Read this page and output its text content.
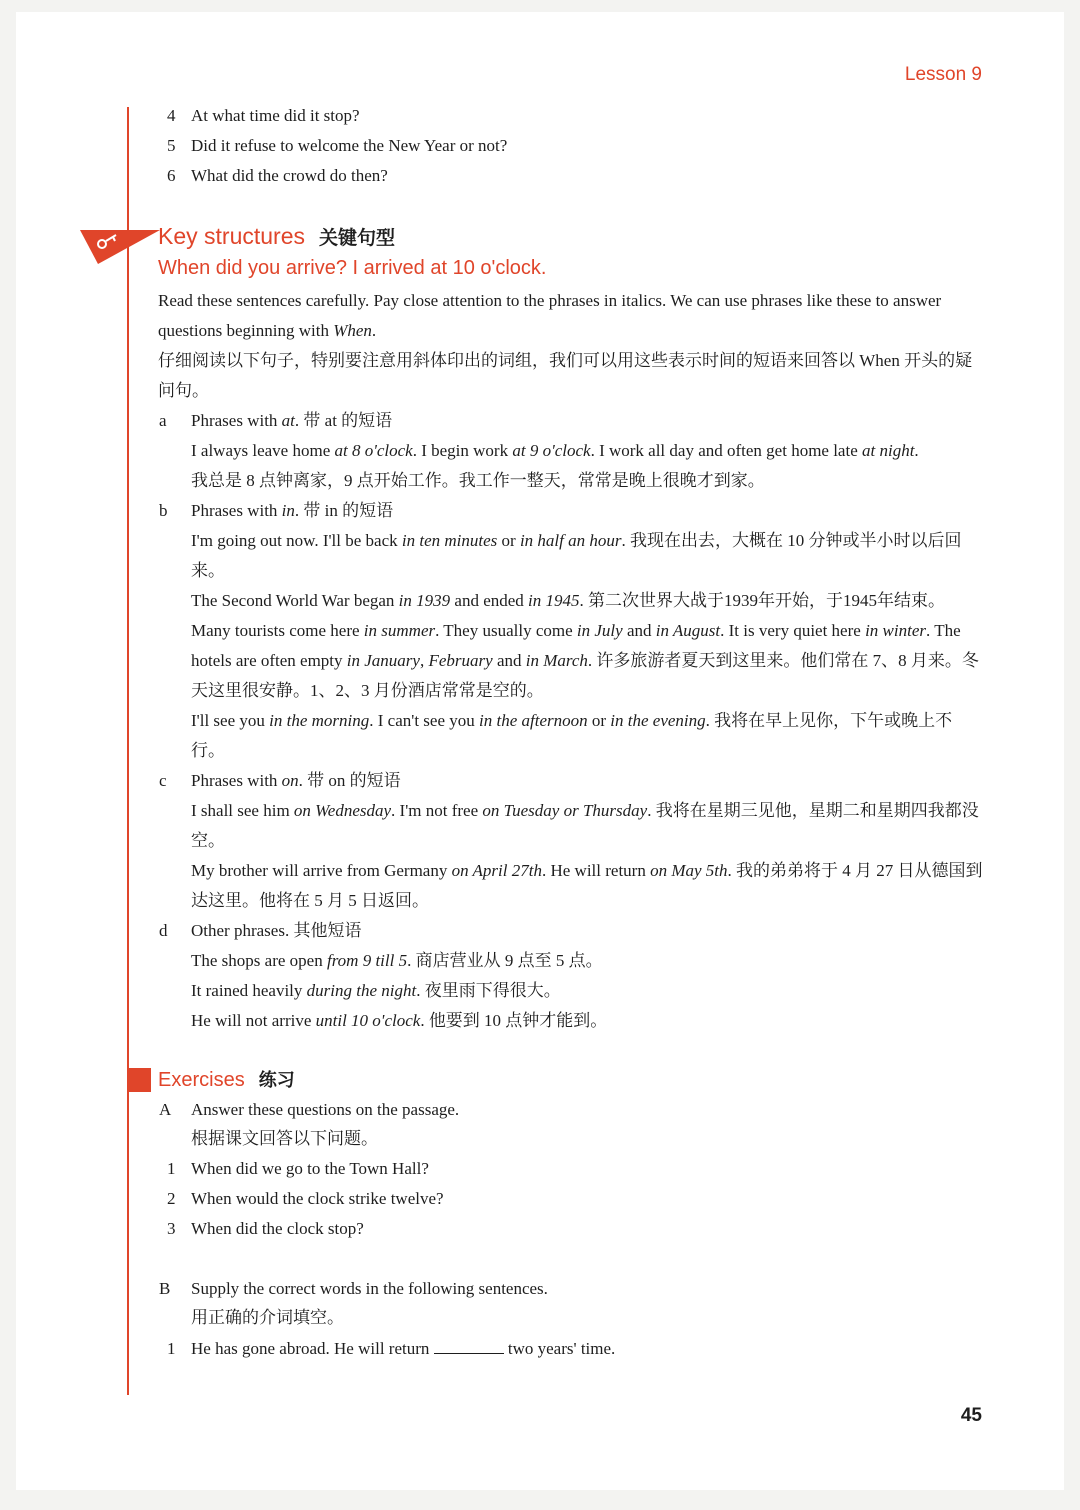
Lesson 9
4 At what time did it stop?
5 Did it refuse to welcome the New Year or not?
6 What did the crowd do then?
Key structures 关键句型
When did you arrive? I arrived at 10 o'clock.
Read these sentences carefully. Pay close attention to the phrases in italics. We can use phrases like these to answer questions beginning with When.
仔细阅读以下句子，特别要注意用斜体印出的词组，我们可以用这些表示时间的短语来回答以 When 开头的疑问句。
a Phrases with at. 带 at 的短语
I always leave home at 8 o'clock. I begin work at 9 o'clock. I work all day and often get home late at night.
我总是 8 点钟离家，9 点开始工作。我工作一整天，常常是晚上很晚才到家。
b Phrases with in. 带 in 的短语
I'm going out now. I'll be back in ten minutes or in half an hour. 我现在出去，大概在 10 分钟或半小时以后回来。
The Second World War began in 1939 and ended in 1945. 第二次世界大战于1939年开始，于1945年结束。
Many tourists come here in summer. They usually come in July and in August. It is very quiet here in winter. The hotels are often empty in January, February and in March. 许多旅游者夏天到这里来。他们常在 7、8 月来。冬天这里很安静。1、2、3 月份酒店常常是空的。
I'll see you in the morning. I can't see you in the afternoon or in the evening. 我将在早上见你，下午或晚上不行。
c Phrases with on. 带 on 的短语
I shall see him on Wednesday. I'm not free on Tuesday or Thursday. 我将在星期三见他，星期二和星期四我都没空。
My brother will arrive from Germany on April 27th. He will return on May 5th. 我的弟弟将于 4 月 27 日从德国到达这里。他将在 5 月 5 日返回。
d Other phrases. 其他短语
The shops are open from 9 till 5. 商店营业从 9 点至 5 点。
It rained heavily during the night. 夜里雨下得很大。
He will not arrive until 10 o'clock. 他要到 10 点钟才能到。
Exercises 练习
A Answer these questions on the passage.
根据课文回答以下问题。
1 When did we go to the Town Hall?
2 When would the clock strike twelve?
3 When did the clock stop?
B Supply the correct words in the following sentences.
用正确的介词填空。
1 He has gone abroad. He will return	two years' time.
45
